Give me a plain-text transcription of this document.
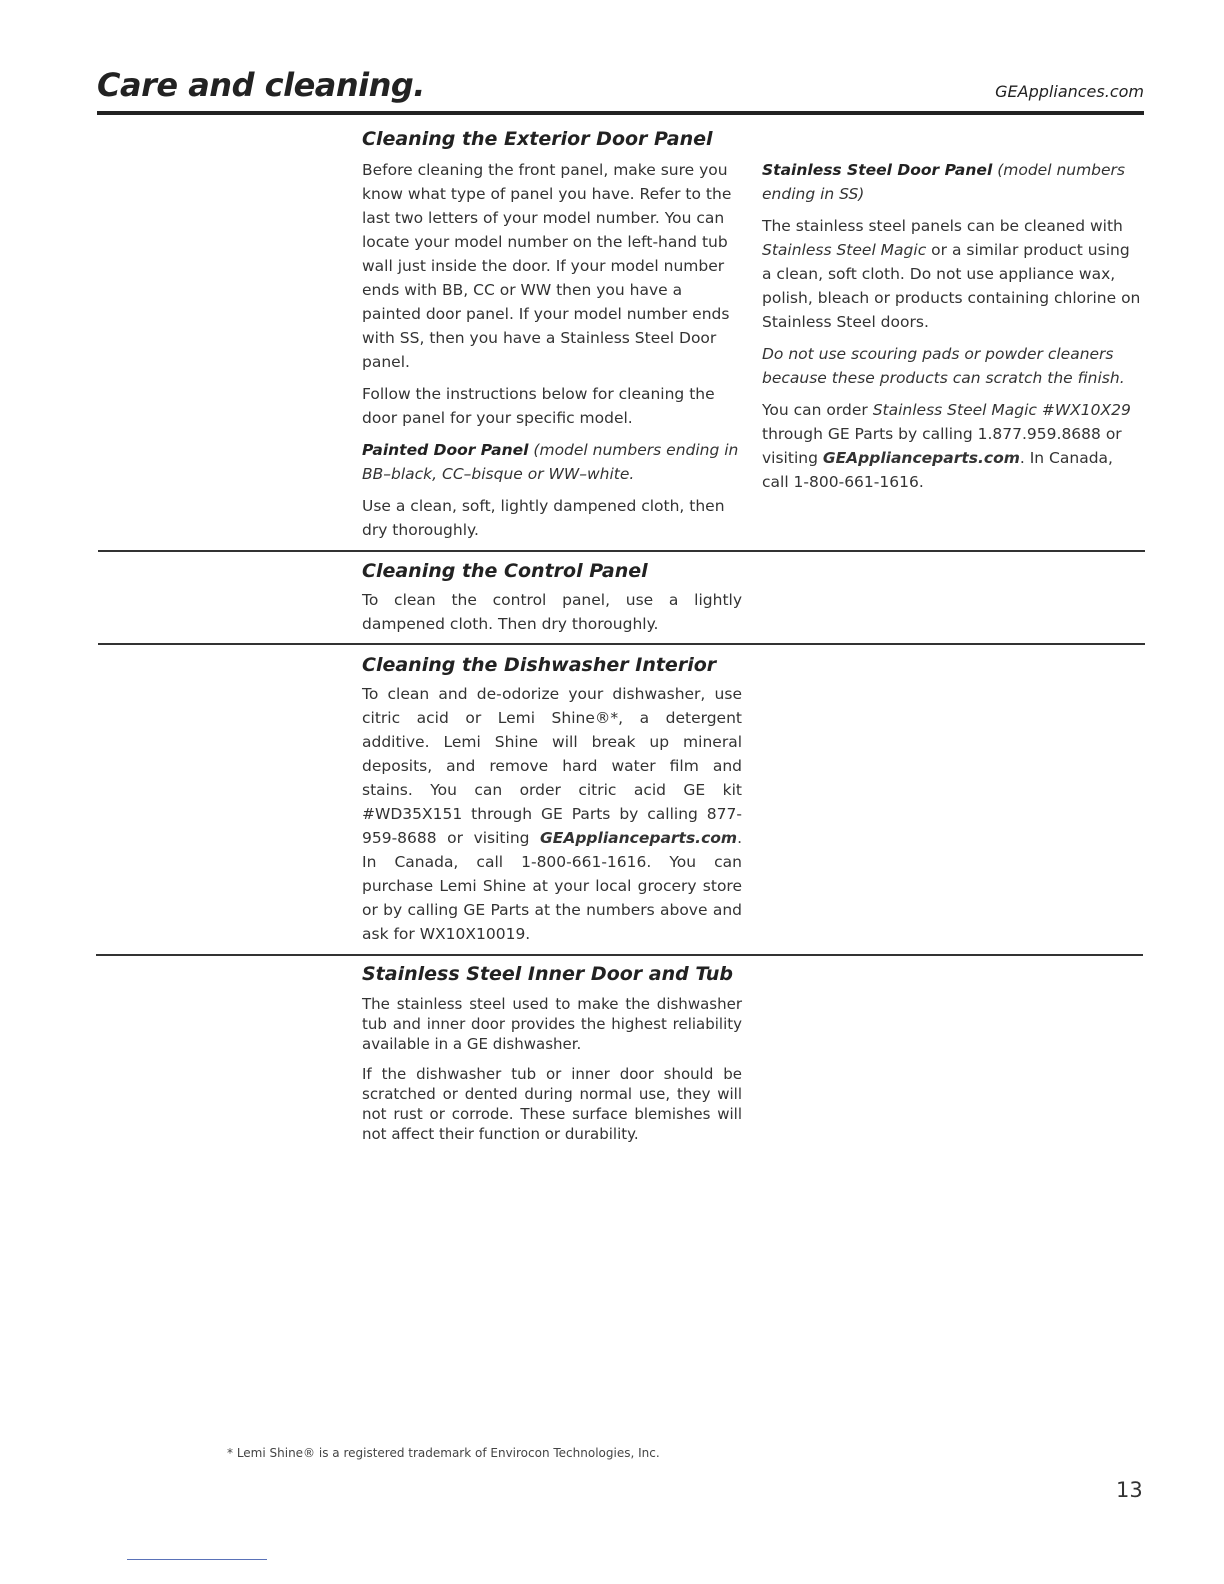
Care and cleaning.	GEAppliances.com
Cleaning the Exterior Door Panel

Before cleaning the front panel, make sure you know what type of panel you have. Refer to the last two letters of your model number. You can locate your model number on the left-hand tub wall just inside the door. If your model number ends with BB, CC or WW then you have a painted door panel. If your model number ends with SS, then you have a Stainless Steel Door panel.

Follow the instructions below for cleaning the door panel for your specific model.

Painted Door Panel (model numbers ending in BB–black, CC–bisque or WW–white.

Use a clean, soft, lightly dampened cloth, then dry thoroughly.

Stainless Steel Door Panel (model numbers ending in SS)

The stainless steel panels can be cleaned with Stainless Steel Magic or a similar product using a clean, soft cloth. Do not use appliance wax, polish, bleach or products containing chlorine on Stainless Steel doors.

Do not use scouring pads or powder cleaners because these products can scratch the finish.

You can order Stainless Steel Magic #WX10X29 through GE Parts by calling 1.877.959.8688 or visiting GEApplianceparts.com. In Canada, call 1-800-661-1616.

Cleaning the Control Panel

To clean the control panel, use a lightly dampened cloth. Then dry thoroughly.

Cleaning the Dishwasher Interior

To clean and de-odorize your dishwasher, use citric acid or Lemi Shine®*, a detergent additive. Lemi Shine will break up mineral deposits, and remove hard water film and stains. You can order citric acid GE kit #WD35X151 through GE Parts by calling 877-959-8688 or visiting GEApplianceparts.com. In Canada, call 1-800-661-1616. You can purchase Lemi Shine at your local grocery store or by calling GE Parts at the numbers above and ask for WX10X10019.

Stainless Steel Inner Door and Tub

The stainless steel used to make the dishwasher tub and inner door provides the highest reliability available in a GE dishwasher.

If the dishwasher tub or inner door should be scratched or dented during normal use, they will not rust or corrode. These surface blemishes will not affect their function or durability.

* Lemi Shine® is a registered trademark of Envirocon Technologies, Inc.
13
